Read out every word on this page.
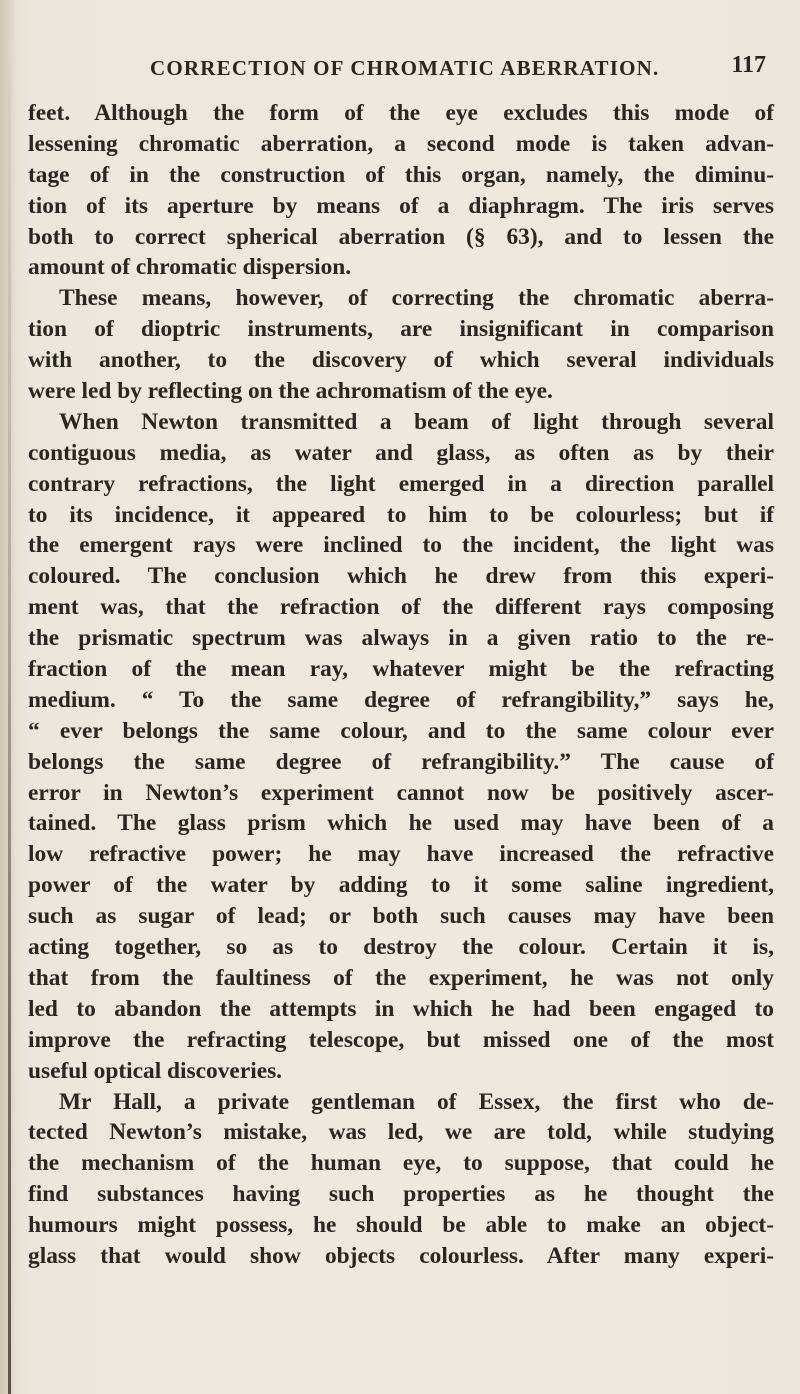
CORRECTION OF CHROMATIC ABERRATION.	117
feet. Although the form of the eye excludes this mode of
lessening chromatic aberration, a second mode is taken advan-
tage of in the construction of this organ, namely, the diminu-
tion of its aperture by means of a diaphragm. The iris serves
both to correct spherical aberration (§ 63), and to lessen the
amount of chromatic dispersion.
These means, however, of correcting the chromatic aberra-
tion of dioptric instruments, are insignificant in comparison
with another, to the discovery of which several individuals
were led by reflecting on the achromatism of the eye.
When Newton transmitted a beam of light through several
contiguous media, as water and glass, as often as by their
contrary refractions, the light emerged in a direction parallel
to its incidence, it appeared to him to be colourless; but if
the emergent rays were inclined to the incident, the light was
coloured. The conclusion which he drew from this experi-
ment was, that the refraction of the different rays composing
the prismatic spectrum was always in a given ratio to the re-
fraction of the mean ray, whatever might be the refracting
medium. “ To the same degree of refrangibility,” says he,
“ ever belongs the same colour, and to the same colour ever
belongs the same degree of refrangibility.” The cause of
error in Newton’s experiment cannot now be positively ascer-
tained. The glass prism which he used may have been of a
low refractive power; he may have increased the refractive
power of the water by adding to it some saline ingredient,
such as sugar of lead; or both such causes may have been
acting together, so as to destroy the colour. Certain it is,
that from the faultiness of the experiment, he was not only
led to abandon the attempts in which he had been engaged to
improve the refracting telescope, but missed one of the most
useful optical discoveries.
Mr Hall, a private gentleman of Essex, the first who de-
tected Newton’s mistake, was led, we are told, while studying
the mechanism of the human eye, to suppose, that could he
find substances having such properties as he thought the
humours might possess, he should be able to make an object-
glass that would show objects colourless. After many experi-
